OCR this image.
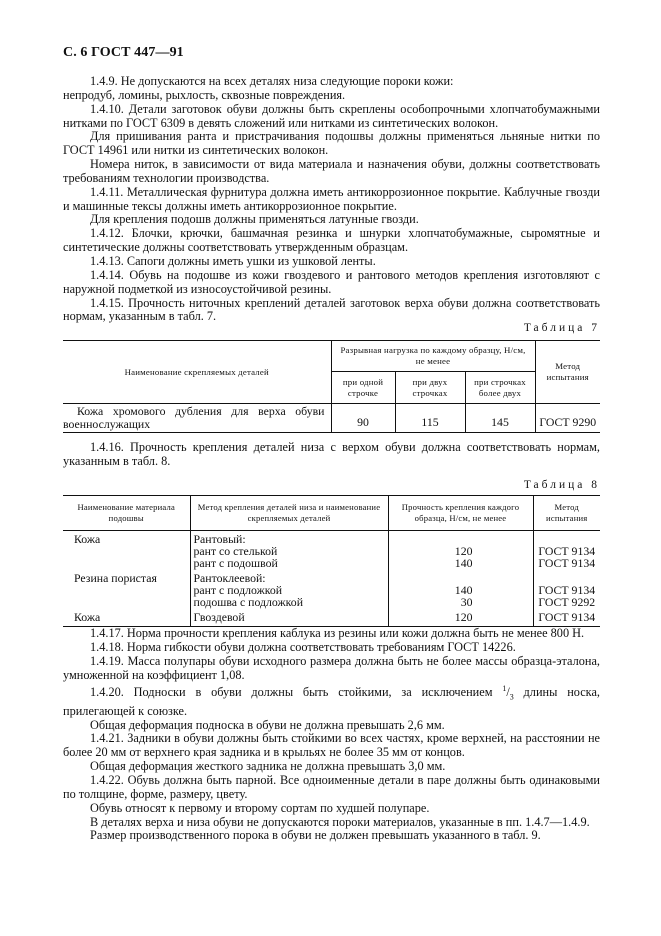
С. 6 ГОСТ 447—91

1.4.9. Не допускаются на всех деталях низа следующие пороки кожи:

непродуб, ломины, рыхлость, сквозные повреждения.

1.4.10. Детали заготовок обуви должны быть скреплены особопрочными хлопчатобумажными нитками по ГОСТ 6309 в девять сложений или нитками из синтетических волокон.

Для пришивания ранта и пристрачивания подошвы должны применяться льняные нитки по ГОСТ 14961 или нитки из синтетических волокон.

Номера ниток, в зависимости от вида материала и назначения обуви, должны соответствовать требованиям технологии производства.

1.4.11. Металлическая фурнитура должна иметь антикоррозионное покрытие. Каблучные гвозди и машинные тексы должны иметь антикоррозионное покрытие.

Для крепления подошв должны применяться латунные гвозди.

1.4.12. Блочки, крючки, башмачная резинка и шнурки хлопчатобумажные, сыромятные и синтетические должны соответствовать утвержденным образцам.

1.4.13. Сапоги должны иметь ушки из ушковой ленты.

1.4.14. Обувь на подошве из кожи гвоздевого и рантового методов крепления изготовляют с наружной подметкой из износоустойчивой резины.

1.4.15. Прочность ниточных креплений деталей заготовок верха обуви должна соответствовать нормам, указанным в табл. 7.

Таблица 7
Наименование скрепляемых деталей	Разрывная нагрузка по каждому образцу, Н/см, не менее			Метод испытания
	при одной строчке	при двух строчках	при строчках более двух	
Кожа хромового дубления для верха обуви военнослужащих	90	115	145	ГОСТ 9290

1.4.16. Прочность крепления деталей низа с верхом обуви должна соответствовать нормам, указанным в табл. 8.

Таблица 8
Наименование материала подошвы	Метод крепления деталей низа и наименование скрепляемых деталей	Прочность крепления каждого образца, Н/см, не менее	Метод испытания
Кожа	Рантовый:		
	рант со стелькой	120	ГОСТ 9134
	рант с подошвой	140	ГОСТ 9134
Резина пористая	Рантоклеевой:		
	рант с подложкой	140	ГОСТ 9134
	подошва с подложкой	30	ГОСТ 9292
Кожа	Гвоздевой	120	ГОСТ 9134

1.4.17. Норма прочности крепления каблука из резины или кожи должна быть не менее 800 Н.

1.4.18. Норма гибкости обуви должна соответствовать требованиям ГОСТ 14226.

1.4.19. Масса полупары обуви исходного размера должна быть не более массы образца-эталона, умноженной на коэффициент 1,08.

1.4.20. Подноски в обуви должны быть стойкими, за исключением $^1/_3$ длины носка, прилегающей к союзке.

Общая деформация подноска в обуви не должна превышать 2,6 мм.

1.4.21. Задники в обуви должны быть стойкими во всех частях, кроме верхней, на расстоянии не более 20 мм от верхнего края задника и в крыльях не более 35 мм от концов.

Общая деформация жесткого задника не должна превышать 3,0 мм.

1.4.22. Обувь должна быть парной. Все одноименные детали в паре должны быть одинаковыми по толщине, форме, размеру, цвету.

Обувь относят к первому и второму сортам по худшей полупаре.

В деталях верха и низа обуви не допускаются пороки материалов, указанные в пп. 1.4.7—1.4.9.

Размер производственного порока в обуви не должен превышать указанного в табл. 9.
